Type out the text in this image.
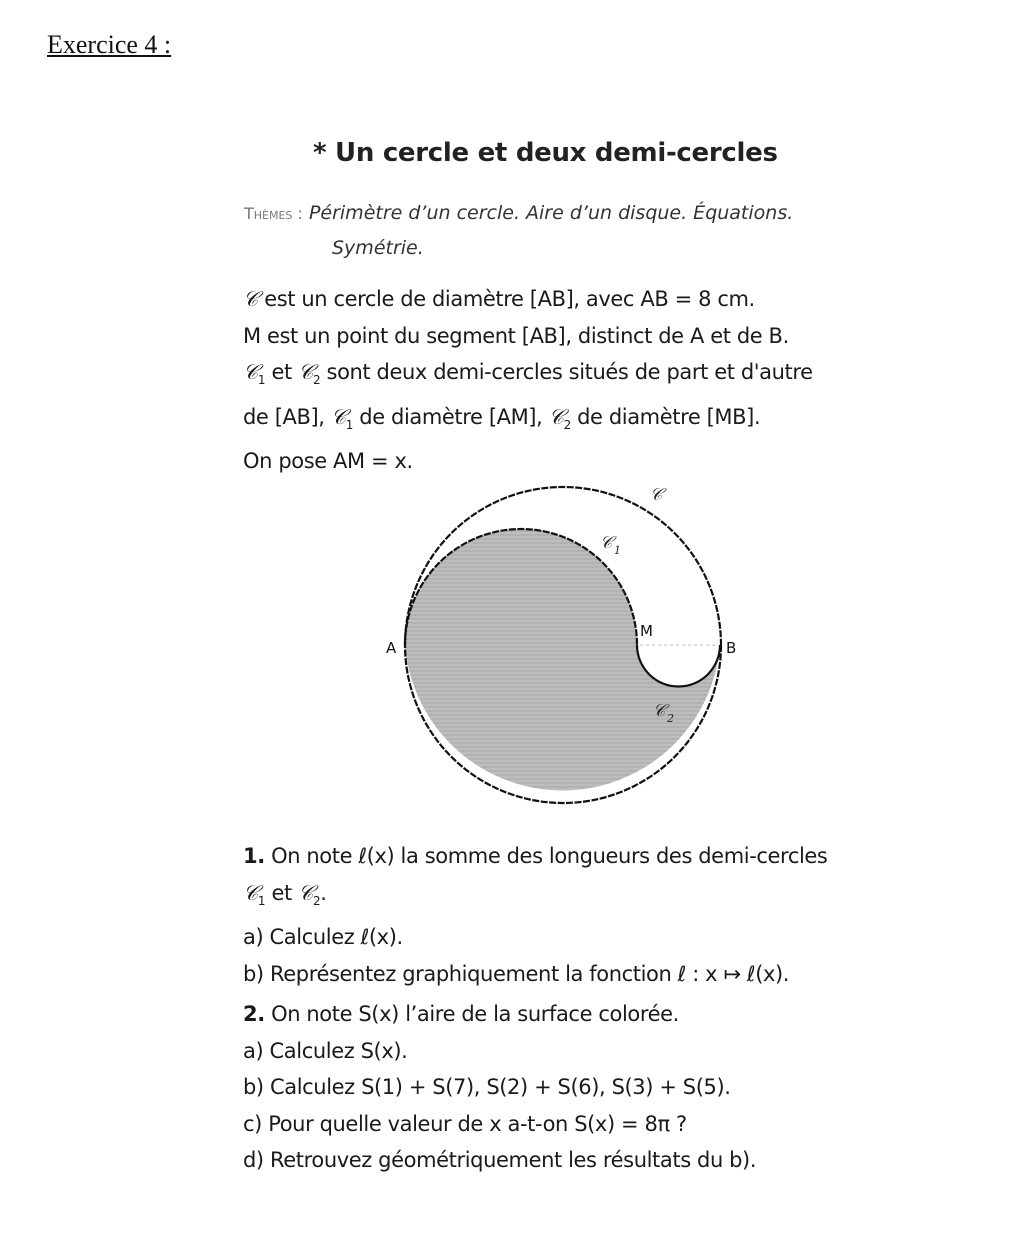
Exercice 4 :
* Un cercle et deux demi-cercles
Thèmes : Périmètre d’un cercle. Aire d’un disque. Équations.
Symétrie.

𝒞 est un cercle de diamètre [AB], avec AB = 8 cm.

M est un point du segment [AB], distinct de A et de B.

𝒞$_1$ et 𝒞$_2$ sont deux demi-cercles situés de part et d'autre

de [AB], 𝒞$_1$ de diamètre [AM], 𝒞$_2$ de diamètre [MB].

On pose AM = x.

A	B
M
𝒞
𝒞 1
𝒞 2

1. On note ℓ(x) la somme des longueurs des demi-cercles

𝒞$_1$ et 𝒞$_2$.

a) Calculez ℓ(x).

b) Représentez graphiquement la fonction ℓ : x ↦ ℓ(x).

2. On note S(x) l’aire de la surface colorée.

a) Calculez S(x).

b) Calculez S(1) + S(7), S(2) + S(6), S(3) + S(5).

c) Pour quelle valeur de x a-t-on S(x) = 8π ?

d) Retrouvez géométriquement les résultats du b).
